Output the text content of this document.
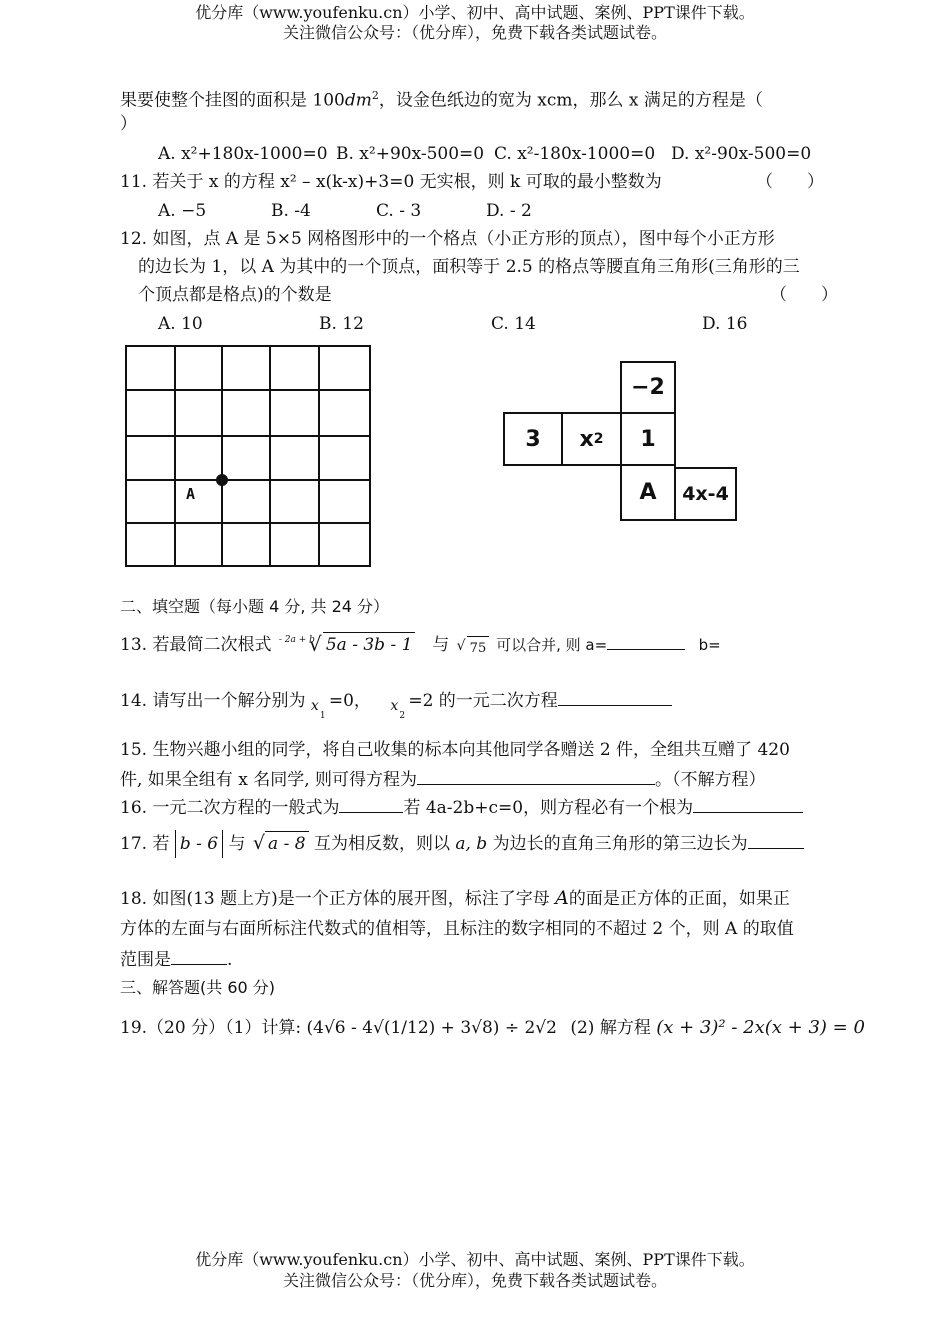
优分库（www.youfenku.cn）小学、初中、高中试题、案例、PPT课件下载。
关注微信公众号：（优分库），免费下载各类试题试卷。
果要使整个挂图的面积是 $100dm^2$，设金色纸边的宽为 xcm，那么 x 满足的方程是（
）
A. x²+180x-1000=0 B. x²+90x-500=0 C. x²-180x-1000=0 D. x²-90x-500=0
11. 若关于 x 的方程 x² – x(k-x)+3=0 无实根，则 k 可取的最小整数为	（　　）
A. −5	B. -4	C. - 3	D. - 2
12. 如图，点 A 是 5×5 网格图形中的一个格点（小正方形的顶点），图中每个小正方形
的边长为 1，以 A 为其中的一个顶点，面积等于 2.5 的格点等腰直角三角形(三角形的三
个顶点都是格点)的个数是	（　　）
A. 10	B. 12	C. 14	D. 16
A
−2
3	x 2	1
A	4x-4
二、填空题（每小题 4 分, 共 24 分）
13. 若最简二次根式 - 2a + b
√ 5a - 3b - 1 与 √ 75 可以合并, 则 a=	b=
14. 请写出一个解分别为 x
1
=0， x
2
=2 的一元二次方程
15. 生物兴趣小组的同学，将自己收集的标本向其他同学各赠送 2 件，全组共互赠了 420
件, 如果全组有 x 名同学, 则可得方程为	。（不解方程）
16. 一元二次方程的一般式为	若 4a-2b+c=0，则方程必有一个根为
17. 若 b - 6 与 √ a - 8 互为相反数，则以 a, b 为边长的直角三角形的第三边长为
18. 如图(13 题上方)是一个正方体的展开图，标注了字母 A的面是正方体的正面，如果正
方体的左面与右面所标注代数式的值相等，且标注的数字相同的不超过 2 个，则 A 的取值
范围是	.
三、解答题(共 60 分)
19.（20 分）（1）计算: (4√6 - 4√(1/12) + 3√8) ÷ 2√2 (2) 解方程 (x + 3)² - 2x(x + 3) = 0
优分库（www.youfenku.cn）小学、初中、高中试题、案例、PPT课件下载。
关注微信公众号：（优分库），免费下载各类试题试卷。
